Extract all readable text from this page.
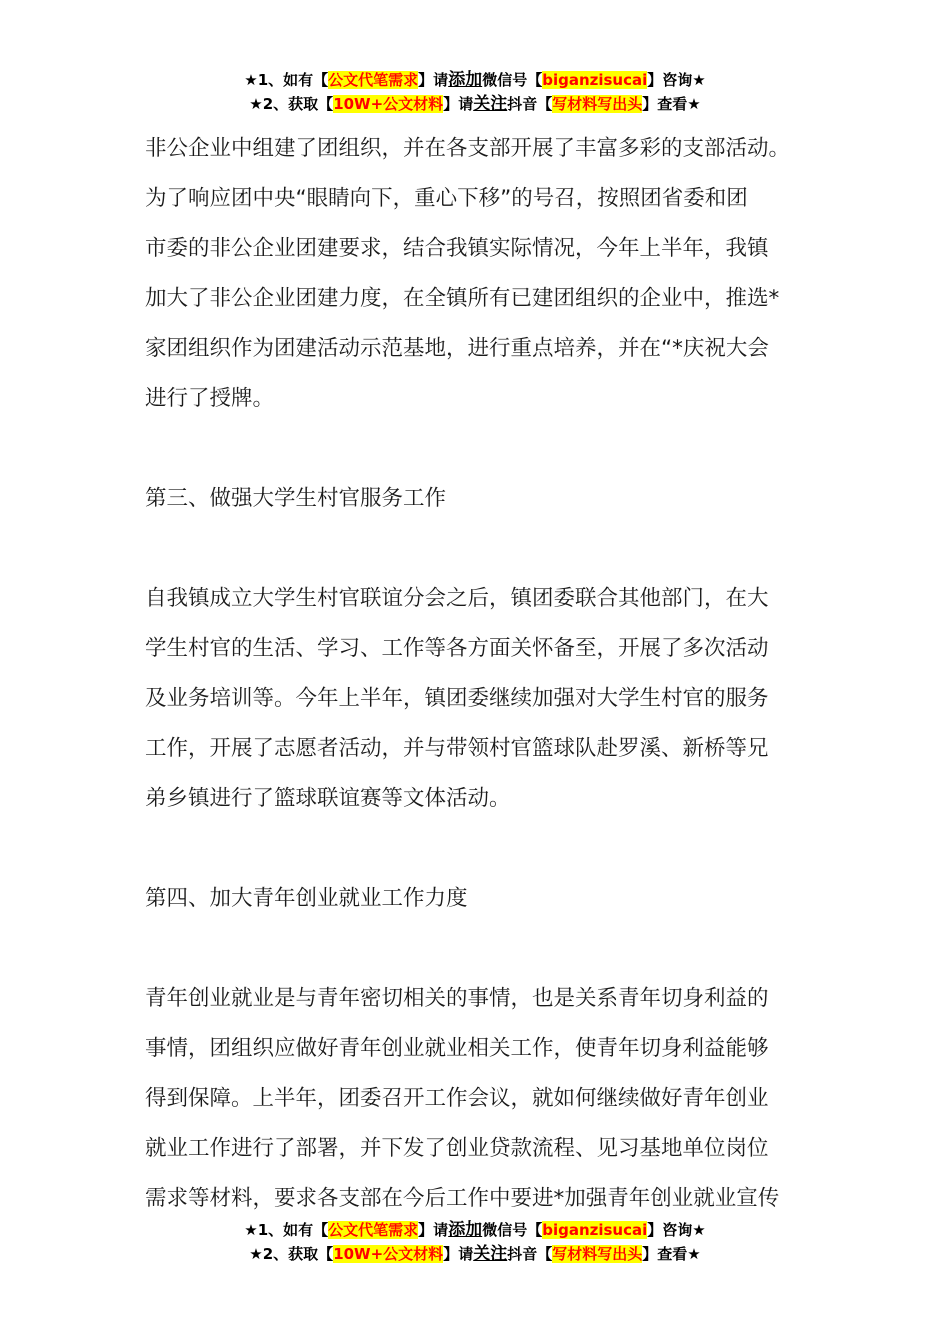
★1、如有【公文代笔需求】请添加微信号【biganzisucai】咨询★
★2、获取【10W+公文材料】请关注抖音【写材料写出头】查看★

非公企业中组建了团组织，并在各支部开展了丰富多彩的支部活动。
为了响应团中央“眼睛向下，重心下移”的号召，按照团省委和团
市委的非公企业团建要求，结合我镇实际情况，今年上半年，我镇
加大了非公企业团建力度，在全镇所有已建团组织的企业中，推选*
家团组织作为团建活动示范基地，进行重点培养，并在“*庆祝大会
进行了授牌。

第三、做强大学生村官服务工作

自我镇成立大学生村官联谊分会之后，镇团委联合其他部门，在大
学生村官的生活、学习、工作等各方面关怀备至，开展了多次活动
及业务培训等。今年上半年，镇团委继续加强对大学生村官的服务
工作，开展了志愿者活动，并与带领村官篮球队赴罗溪、新桥等兄
弟乡镇进行了篮球联谊赛等文体活动。

第四、加大青年创业就业工作力度

青年创业就业是与青年密切相关的事情，也是关系青年切身利益的
事情，团组织应做好青年创业就业相关工作，使青年切身利益能够
得到保障。上半年，团委召开工作会议，就如何继续做好青年创业
就业工作进行了部署，并下发了创业贷款流程、见习基地单位岗位
需求等材料，要求各支部在今后工作中要进*加强青年创业就业宣传

★1、如有【公文代笔需求】请添加微信号【biganzisucai】咨询★
★2、获取【10W+公文材料】请关注抖音【写材料写出头】查看★
